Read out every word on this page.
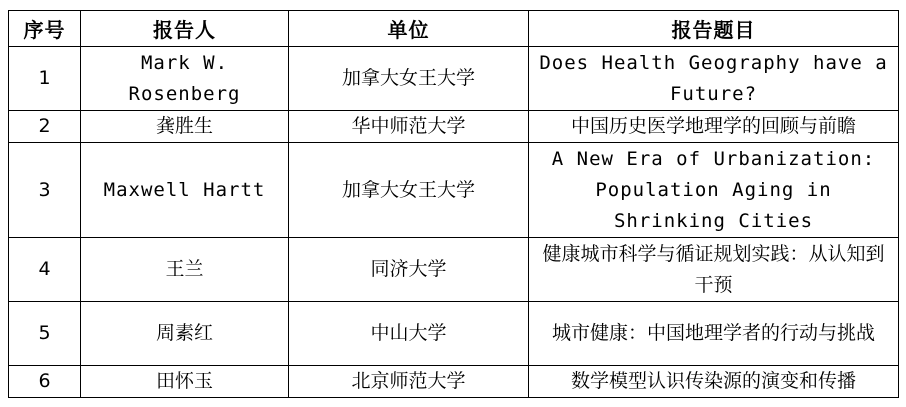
序号	报告人	单位	报告题目
1	Mark W. Rosenberg	加拿大女王大学	Does Health Geography have a Future?
2	龚胜生	华中师范大学	中国历史医学地理学的回顾与前瞻
3	Maxwell Hartt	加拿大女王大学	A New Era of Urbanization: Population Aging in Shrinking Cities
4	王兰	同济大学	健康城市科学与循证规划实践：从认知到干预
5	周素红	中山大学	城市健康：中国地理学者的行动与挑战
6	田怀玉	北京师范大学	数学模型认识传染源的演变和传播
